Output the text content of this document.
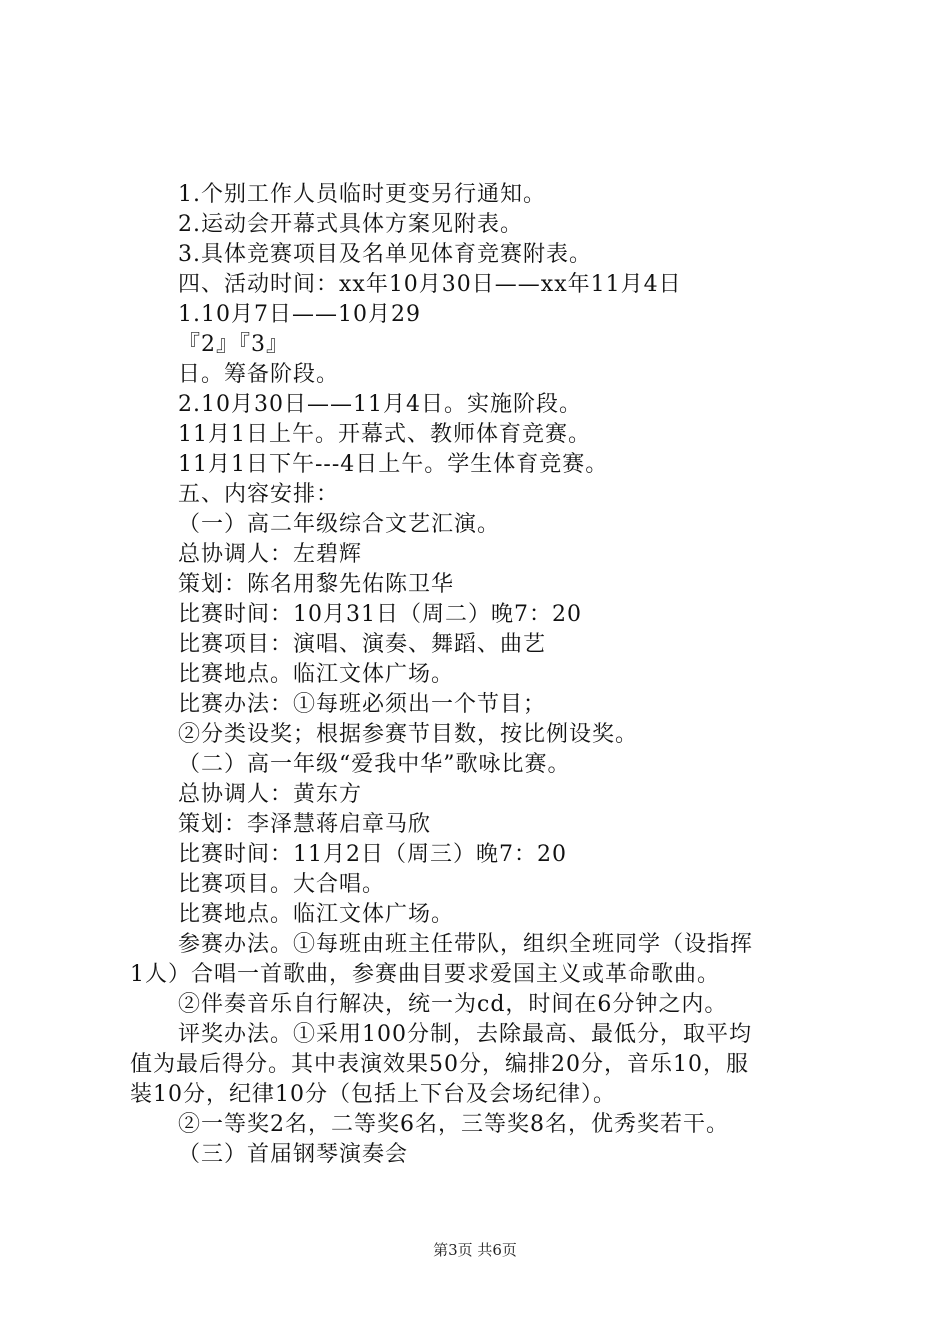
1.个别工作人员临时更变另行通知。
2.运动会开幕式具体方案见附表。
3.具体竞赛项目及名单见体育竞赛附表。
四、活动时间：xx年10月30日——xx年11月4日
1.10月7日——10月29
『2』『3』
日。筹备阶段。
2.10月30日——11月4日。实施阶段。
11月1日上午。开幕式、教师体育竞赛。
11月1日下午---4日上午。学生体育竞赛。
五、内容安排：
（一）高二年级综合文艺汇演。
总协调人：左碧辉
策划：陈名用黎先佑陈卫华
比赛时间：10月31日（周二）晚7：20
比赛项目：演唱、演奏、舞蹈、曲艺
比赛地点。临江文体广场。
比赛办法：①每班必须出一个节目；
②分类设奖；根据参赛节目数，按比例设奖。
（二）高一年级“爱我中华”歌咏比赛。
总协调人：黄东方
策划：李泽慧蒋启章马欣
比赛时间：11月2日（周三）晚7：20
比赛项目。大合唱。
比赛地点。临江文体广场。
参赛办法。①每班由班主任带队，组织全班同学（设指挥
1人）合唱一首歌曲，参赛曲目要求爱国主义或革命歌曲。
②伴奏音乐自行解决，统一为cd，时间在6分钟之内。
评奖办法。①采用100分制，去除最高、最低分，取平均
值为最后得分。其中表演效果50分，编排20分，音乐10，服
装10分，纪律10分（包括上下台及会场纪律）。
②一等奖2名，二等奖6名，三等奖8名，优秀奖若干。
（三）首届钢琴演奏会
第3页 共6页
